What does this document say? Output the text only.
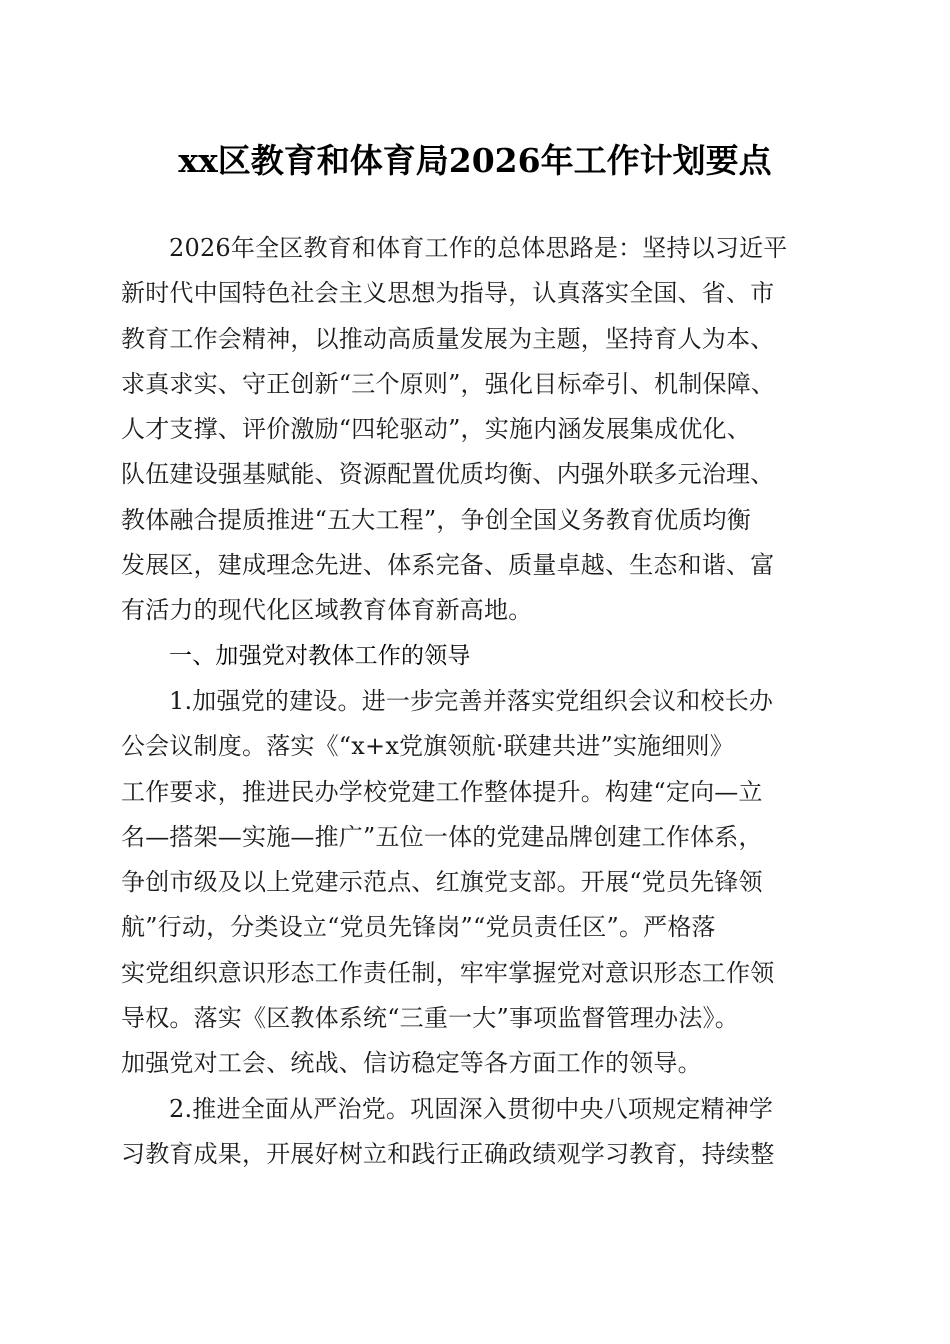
xx区教育和体育局2026年工作计划要点
2026年全区教育和体育工作的总体思路是：坚持以习近平
新时代中国特色社会主义思想为指导，认真落实全国、省、市
教育工作会精神，以推动高质量发展为主题，坚持育人为本、
求真求实、守正创新“三个原则”，强化目标牵引、机制保障、
人才支撑、评价激励“四轮驱动”，实施内涵发展集成优化、
队伍建设强基赋能、资源配置优质均衡、内强外联多元治理、
教体融合提质推进“五大工程”，争创全国义务教育优质均衡
发展区，建成理念先进、体系完备、质量卓越、生态和谐、富
有活力的现代化区域教育体育新高地。
一、加强党对教体工作的领导
1.加强党的建设。进一步完善并落实党组织会议和校长办
公会议制度。落实《“x+x党旗领航·联建共进”实施细则》
工作要求，推进民办学校党建工作整体提升。构建“定向—立
名—搭架—实施—推广”五位一体的党建品牌创建工作体系，
争创市级及以上党建示范点、红旗党支部。开展“党员先锋领
航”行动，分类设立“党员先锋岗”“党员责任区”。严格落
实党组织意识形态工作责任制，牢牢掌握党对意识形态工作领
导权。落实《区教体系统“三重一大”事项监督管理办法》。
加强党对工会、统战、信访稳定等各方面工作的领导。
2.推进全面从严治党。巩固深入贯彻中央八项规定精神学
习教育成果，开展好树立和践行正确政绩观学习教育，持续整
